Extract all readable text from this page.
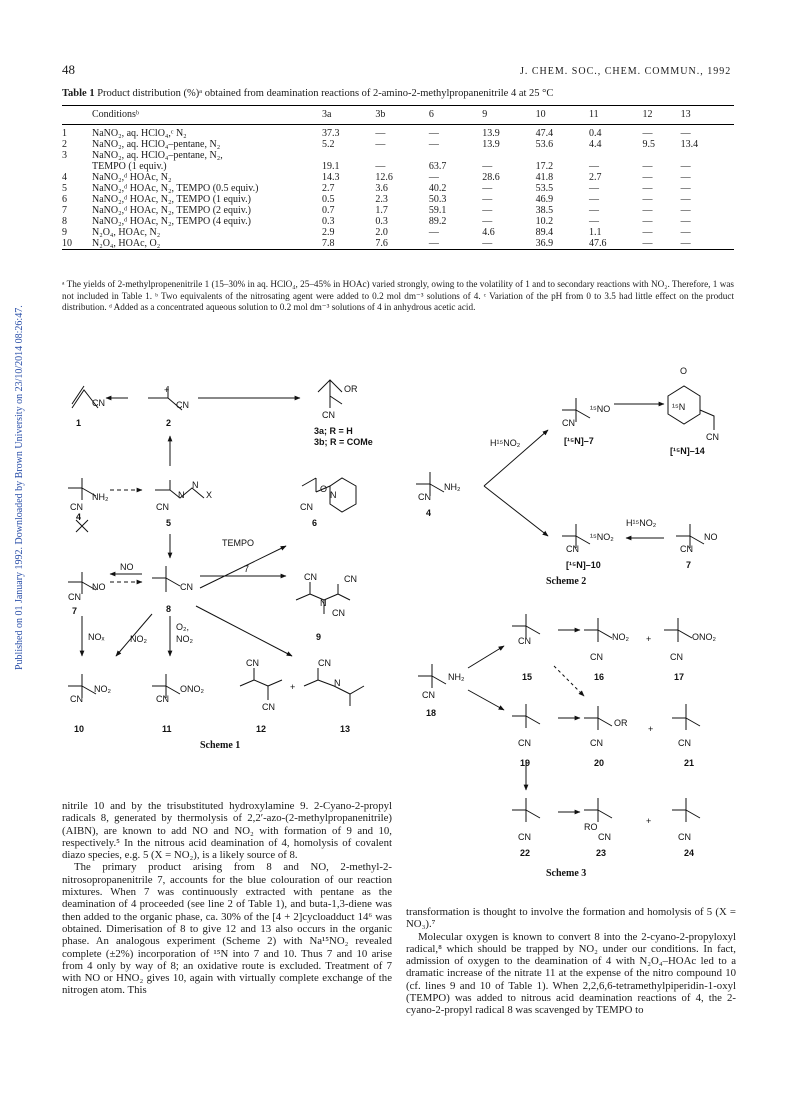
48	J. CHEM. SOC., CHEM. COMMUN., 1992
Published on 01 January 1992. Downloaded by Brown University on 23/10/2014 08:26:47.
Table 1 Product distribution (%)ᵃ obtained from deamination reactions of 2-amino-2-methylpropanenitrile 4 at 25 °C
	Conditionsᵇ	3a	3b	6	9	10	11	12	13
1	NaNO₂, aq. HClO₄,ᶜ N₂	37.3	—	—	13.9	47.4	0.4	—	—
2	NaNO₂, aq. HClO₄–pentane, N₂	5.2	—	—	13.9	53.6	4.4	9.5	13.4
3	NaNO₂, aq. HClO₄–pentane, N₂,								
	TEMPO (1 equiv.)	19.1	—	63.7	—	17.2	—	—	—
4	NaNO₂,ᵈ HOAc, N₂	14.3	12.6	—	28.6	41.8	2.7	—	—
5	NaNO₂,ᵈ HOAc, N₂, TEMPO (0.5 equiv.)	2.7	3.6	40.2	—	53.5	—	—	—
6	NaNO₂,ᵈ HOAc, N₂, TEMPO (1 equiv.)	0.5	2.3	50.3	—	46.9	—	—	—
7	NaNO₂,ᵈ HOAc, N₂, TEMPO (2 equiv.)	0.7	1.7	59.1	—	38.5	—	—	—
8	NaNO₂,ᵈ HOAc, N₂, TEMPO (4 equiv.)	0.3	0.3	89.2	—	10.2	—	—	—
9	N₂O₄, HOAc, N₂	2.9	2.0	—	4.6	89.4	1.1	—	—
10	N₂O₄, HOAc, O₂	7.8	7.6	—	—	36.9	47.6	—	—
ᵃ The yields of 2-methylpropenenitrile 1 (15–30% in aq. HClO₄, 25–45% in HOAc) varied strongly, owing to the volatility of 1 and to secondary reactions with NO₂. Therefore, 1 was not included in Table 1. ᵇ Two equivalents of the nitrosating agent were added to 0.2 mol dm⁻³ solutions of 4. ᶜ Variation of the pH from 0 to 3.5 had little effect on the product distribution. ᵈ Added as a concentrated aqueous solution to 0.2 mol dm⁻³ solutions of 4 in anhydrous acetic acid.
CN
1
CN
+
2
OR
CN
3a; R = H
3b; R = COMe
NH₂
CN
4
N
N
X
CN
5
N
O
CN
6
TEMPO
7
NO
NO
CN
7
CN
8
CN	CN
N
CN
9
NOₓ
O₂,
NO₂
NO₂
NO₂
CN
10
ONO₂
CN
11
CN
CN
12
+
CN
N
13
Scheme 1
NH₂
CN
4
H¹⁵NO₂
¹⁵NO
CN
[¹⁵N]–7
O
¹⁵N
CN
[¹⁵N]–14
H¹⁵NO₂
¹⁵NO₂
CN
[¹⁵N]–10
NO
CN
7
Scheme 2
NH₂
CN
18
CN
15
NO₂
CN
16
+	ONO₂
CN
17
CN
19
OR
CN
20
+
CN
21
CN
22
RO
CN
23
+
CN
24
Scheme 3

nitrile 10 and by the trisubstituted hydroxylamine 9. 2-Cyano-2-propyl radicals 8, generated by thermolysis of 2,2′-azo-(2-methylpropanenitrile) (AIBN), are known to add NO and NO₂ with formation of 9 and 10, respectively.⁵ In the nitrous acid deamination of 4, homolysis of covalent diazo species, e.g. 5 (X = NO₂), is a likely source of 8.

The primary product arising from 8 and NO, 2-methyl-2-nitrosopropanenitrile 7, accounts for the blue colouration of our reaction mixtures. When 7 was continuously extracted with pentane as the deamination of 4 proceeded (see line 2 of Table 1), and buta-1,3-diene was then added to the organic phase, ca. 30% of the [4 + 2]cycloadduct 14⁶ was obtained. Dimerisation of 8 to give 12 and 13 also occurs in the organic phase. An analogous experiment (Scheme 2) with Na¹⁵NO₂ revealed complete (±2%) incorporation of ¹⁵N into 7 and 10. Thus 7 and 10 arise from 4 only by way of 8; an oxidative route is excluded. Treatment of 7 with NO or HNO₂ gives 10, again with virtually complete exchange of the nitrogen atom. This

transformation is thought to involve the formation and homolysis of 5 (X = NO₃).⁷

Molecular oxygen is known to convert 8 into the 2-cyano-2-propyloxyl radical,⁸ which should be trapped by NO₂ under our conditions. In fact, admission of oxygen to the deamination of 4 with N₂O₄–HOAc led to a dramatic increase of the nitrate 11 at the expense of the nitro compound 10 (cf. lines 9 and 10 of Table 1). When 2,2,6,6-tetramethylpiperidin-1-oxyl (TEMPO) was added to nitrous acid deamination reactions of 4, the 2-cyano-2-propyl radical 8 was scavenged by TEMPO to
